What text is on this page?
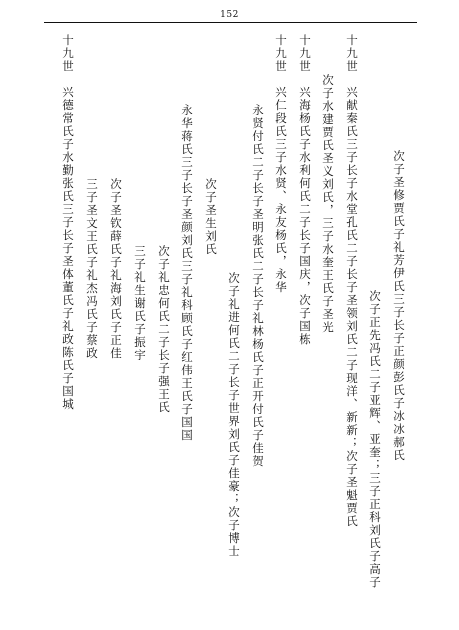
152
次子圣修贾氏子礼芳伊氏三子长子正颜彭氏子冰冰郝氏
次子正先冯氏二子亚辉、亚奎；三子正科刘氏子高子
十九世　兴献秦氏三子长子水堂孔氏二子长子圣领刘氏二子现洋、新新；次子圣魁贾氏
次子水建贾氏圣义刘氏，三子水奎王氏子圣光
十九世　兴海杨氏子水利何氏二子长子国庆，次子国栋
十九世　兴仁段氏三子水贤、永友杨氏，永华
永贤付氏二子长子圣明张氏二子长子礼林杨氏子正开付氏子佳贺
次子礼进何氏二子长子世界刘氏子佳豪；次子博士
次子圣生刘氏
永华蒋氏三子长子圣颜刘氏三子礼科顾氏子红伟王氏子国国
次子礼忠何氏二子长子强王氏
三子礼生谢氏子振宇
次子圣钦薛氏子礼海刘氏子正佳
三子圣文王氏子礼杰冯氏子蔡政
十九世　兴德常氏子水勤张氏三子长子圣体董氏子礼政陈氏子国城
